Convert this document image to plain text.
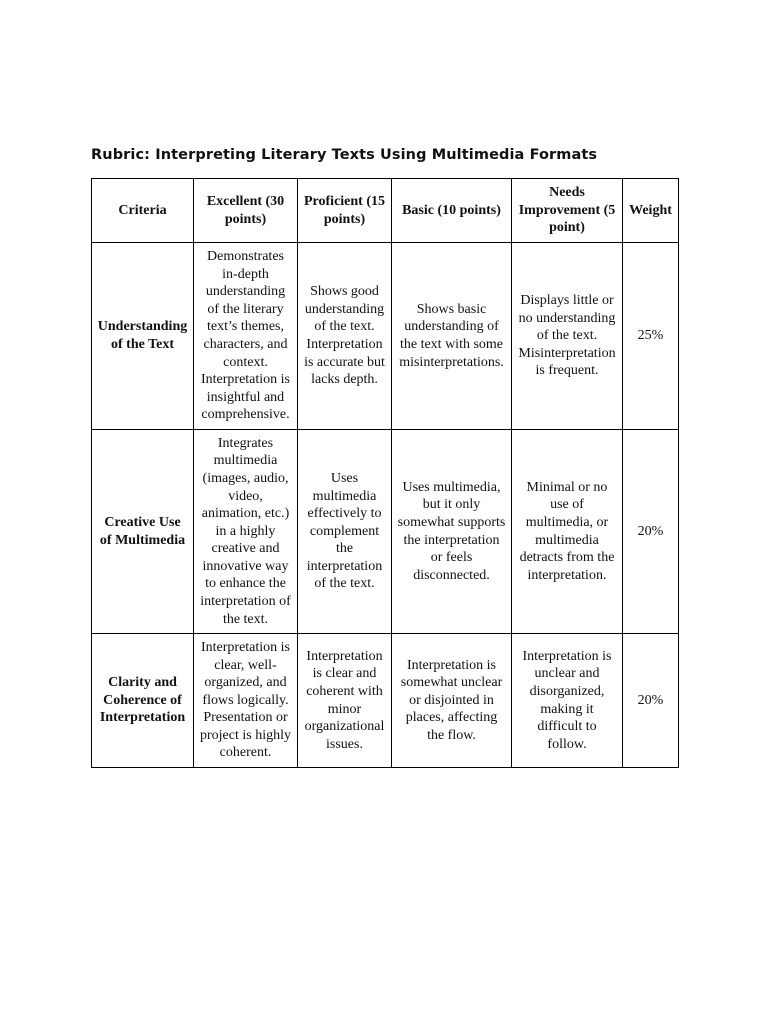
Rubric: Interpreting Literary Texts Using Multimedia Formats
Criteria	Excellent (30 points)	Proficient (15 points)	Basic (10 points)	Needs Improvement (5 point)	Weight
Understanding of the Text	Demonstrates in-depth understanding of the literary text’s themes, characters, and context. Interpretation is insightful and comprehensive.	Shows good understanding of the text. Interpretation is accurate but lacks depth.	Shows basic understanding of the text with some misinterpretations.	Displays little or no understanding of the text. Misinterpretation is frequent.	25%
Creative Use of Multimedia	Integrates multimedia (images, audio, video, animation, etc.) in a highly creative and innovative way to enhance the interpretation of the text.	Uses multimedia effectively to complement the interpretation of the text.	Uses multimedia, but it only somewhat supports the interpretation or feels disconnected.	Minimal or no use of multimedia, or multimedia detracts from the interpretation.	20%
Clarity and Coherence of Interpretation	Interpretation is clear, well-organized, and flows logically. Presentation or project is highly coherent.	Interpretation is clear and coherent with minor organizational issues.	Interpretation is somewhat unclear or disjointed in places, affecting the flow.	Interpretation is unclear and disorganized, making it difficult to follow.	20%
